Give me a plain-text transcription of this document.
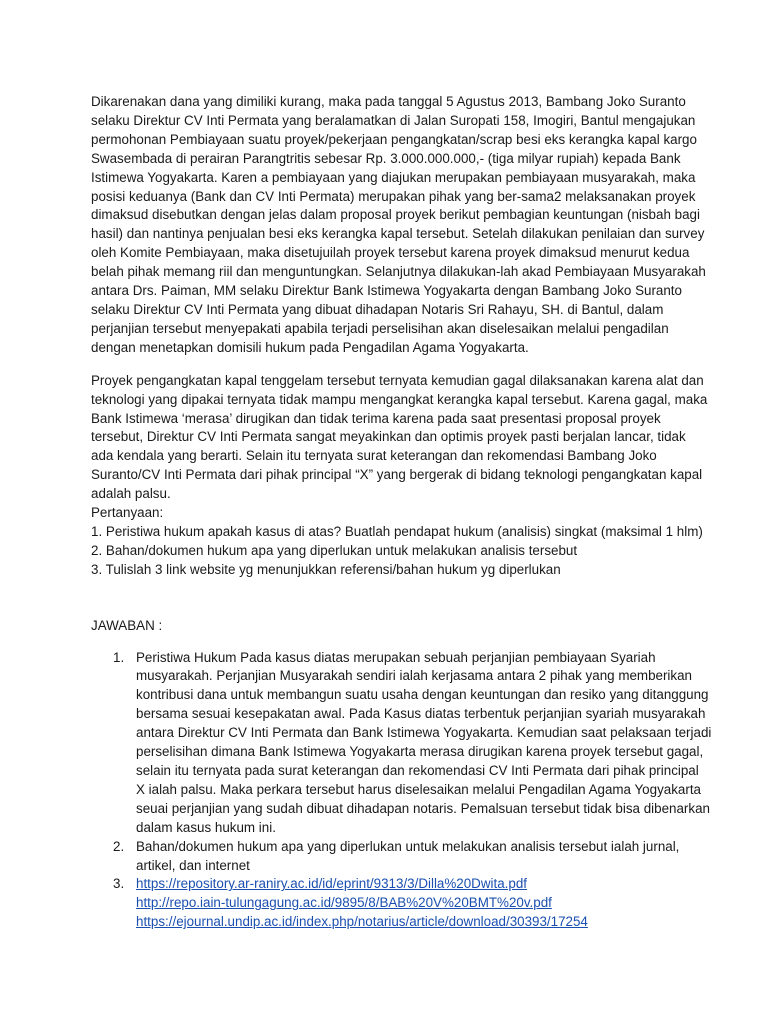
Dikarenakan dana yang dimiliki kurang, maka pada tanggal 5 Agustus 2013, Bambang Joko Suranto
selaku Direktur CV Inti Permata yang beralamatkan di Jalan Suropati 158, Imogiri, Bantul mengajukan
permohonan Pembiayaan suatu proyek/pekerjaan pengangkatan/scrap besi eks kerangka kapal kargo
Swasembada di perairan Parangtritis sebesar Rp. 3.000.000.000,- (tiga milyar rupiah) kepada Bank
Istimewa Yogyakarta. Karen a pembiayaan yang diajukan merupakan pembiayaan musyarakah, maka
posisi keduanya (Bank dan CV Inti Permata) merupakan pihak yang ber-sama2 melaksanakan proyek
dimaksud disebutkan dengan jelas dalam proposal proyek berikut pembagian keuntungan (nisbah bagi
hasil) dan nantinya penjualan besi eks kerangka kapal tersebut. Setelah dilakukan penilaian dan survey
oleh Komite Pembiayaan, maka disetujuilah proyek tersebut karena proyek dimaksud menurut kedua
belah pihak memang riil dan menguntungkan. Selanjutnya dilakukan-lah akad Pembiayaan Musyarakah
antara Drs. Paiman, MM selaku Direktur Bank Istimewa Yogyakarta dengan Bambang Joko Suranto
selaku Direktur CV Inti Permata yang dibuat dihadapan Notaris Sri Rahayu, SH. di Bantul, dalam
perjanjian tersebut menyepakati apabila terjadi perselisihan akan diselesaikan melalui pengadilan
dengan menetapkan domisili hukum pada Pengadilan Agama Yogyakarta.
Proyek pengangkatan kapal tenggelam tersebut ternyata kemudian gagal dilaksanakan karena alat dan
teknologi yang dipakai ternyata tidak mampu mengangkat kerangka kapal tersebut. Karena gagal, maka
Bank Istimewa ‘merasa’ dirugikan dan tidak terima karena pada saat presentasi proposal proyek
tersebut, Direktur CV Inti Permata sangat meyakinkan dan optimis proyek pasti berjalan lancar, tidak
ada kendala yang berarti. Selain itu ternyata surat keterangan dan rekomendasi Bambang Joko
Suranto/CV Inti Permata dari pihak principal “X” yang bergerak di bidang teknologi pengangkatan kapal
adalah palsu.
Pertanyaan:
1. Peristiwa hukum apakah kasus di atas? Buatlah pendapat hukum (analisis) singkat (maksimal 1 hlm)
2. Bahan/dokumen hukum apa yang diperlukan untuk melakukan analisis tersebut
3. Tulislah 3 link website yg menunjukkan referensi/bahan hukum yg diperlukan
JAWABAN :
1. Peristiwa Hukum Pada kasus diatas merupakan sebuah perjanjian pembiayaan Syariah
musyarakah. Perjanjian Musyarakah sendiri ialah kerjasama antara 2 pihak yang memberikan
kontribusi dana untuk membangun suatu usaha dengan keuntungan dan resiko yang ditanggung
bersama sesuai kesepakatan awal. Pada Kasus diatas terbentuk perjanjian syariah musyarakah
antara Direktur CV Inti Permata dan Bank Istimewa Yogyakarta. Kemudian saat pelaksaan terjadi
perselisihan dimana Bank Istimewa Yogyakarta merasa dirugikan karena proyek tersebut gagal,
selain itu ternyata pada surat keterangan dan rekomendasi CV Inti Permata dari pihak principal
X ialah palsu. Maka perkara tersebut harus diselesaikan melalui Pengadilan Agama Yogyakarta
seuai perjanjian yang sudah dibuat dihadapan notaris. Pemalsuan tersebut tidak bisa dibenarkan
dalam kasus hukum ini.
2. Bahan/dokumen hukum apa yang diperlukan untuk melakukan analisis tersebut ialah jurnal,
artikel, dan internet
3. https://repository.ar-raniry.ac.id/id/eprint/9313/3/Dilla%20Dwita.pdf
http://repo.iain-tulungagung.ac.id/9895/8/BAB%20V%20BMT%20v.pdf
https://ejournal.undip.ac.id/index.php/notarius/article/download/30393/17254
